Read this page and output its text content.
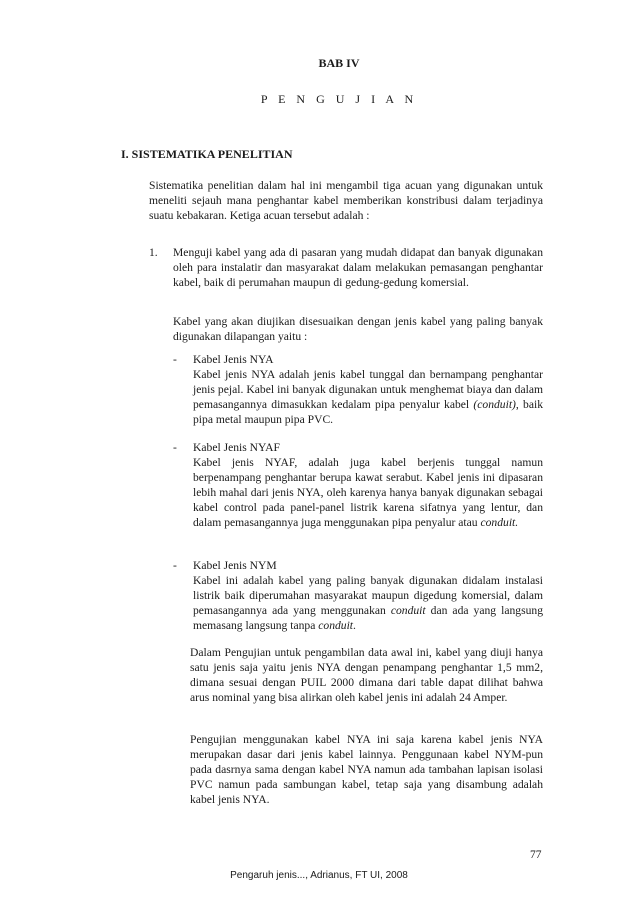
BAB IV
P E N G U J I A N
I. SISTEMATIKA PENELITIAN

Sistematika penelitian dalam hal ini mengambil tiga acuan yang digunakan untuk meneliti sejauh mana penghantar kabel memberikan konstribusi dalam terjadinya suatu kebakaran. Ketiga acuan tersebut adalah :

1. Menguji kabel yang ada di pasaran yang mudah didapat dan banyak digunakan oleh para instalatir dan masyarakat dalam melakukan pemasangan penghantar kabel, baik di perumahan maupun di gedung-gedung komersial.

Kabel yang akan diujikan disesuaikan dengan jenis kabel yang paling banyak digunakan dilapangan yaitu :

- Kabel Jenis NYA
Kabel jenis NYA adalah jenis kabel tunggal dan bernampang penghantar jenis pejal. Kabel ini banyak digunakan untuk menghemat biaya dan dalam pemasangannya dimasukkan kedalam pipa penyalur kabel (conduit), baik pipa metal maupun pipa PVC.
- Kabel Jenis NYAF
Kabel jenis NYAF, adalah juga kabel berjenis tunggal namun berpenampang penghantar berupa kawat serabut. Kabel jenis ini dipasaran lebih mahal dari jenis NYA, oleh karenya hanya banyak digunakan sebagai kabel control pada panel-panel listrik karena sifatnya yang lentur, dan dalam pemasangannya juga menggunakan pipa penyalur atau conduit.
- Kabel Jenis NYM
Kabel ini adalah kabel yang paling banyak digunakan didalam instalasi listrik baik diperumahan masyarakat maupun digedung komersial, dalam pemasangannya ada yang menggunakan conduit dan ada yang langsung memasang langsung tanpa conduit.

Dalam Pengujian untuk pengambilan data awal ini, kabel yang diuji hanya satu jenis saja yaitu jenis NYA dengan penampang penghantar 1,5 mm2, dimana sesuai dengan PUIL 2000 dimana dari table dapat dilihat bahwa arus nominal yang bisa alirkan oleh kabel jenis ini adalah 24 Amper.

Pengujian menggunakan kabel NYA ini saja karena kabel jenis NYA merupakan dasar dari jenis kabel lainnya. Penggunaan kabel NYM-pun pada dasrnya sama dengan kabel NYA namun ada tambahan lapisan isolasi PVC namun pada sambungan kabel, tetap saja yang disambung adalah kabel jenis NYA.

77
Pengaruh jenis..., Adrianus, FT UI, 2008
